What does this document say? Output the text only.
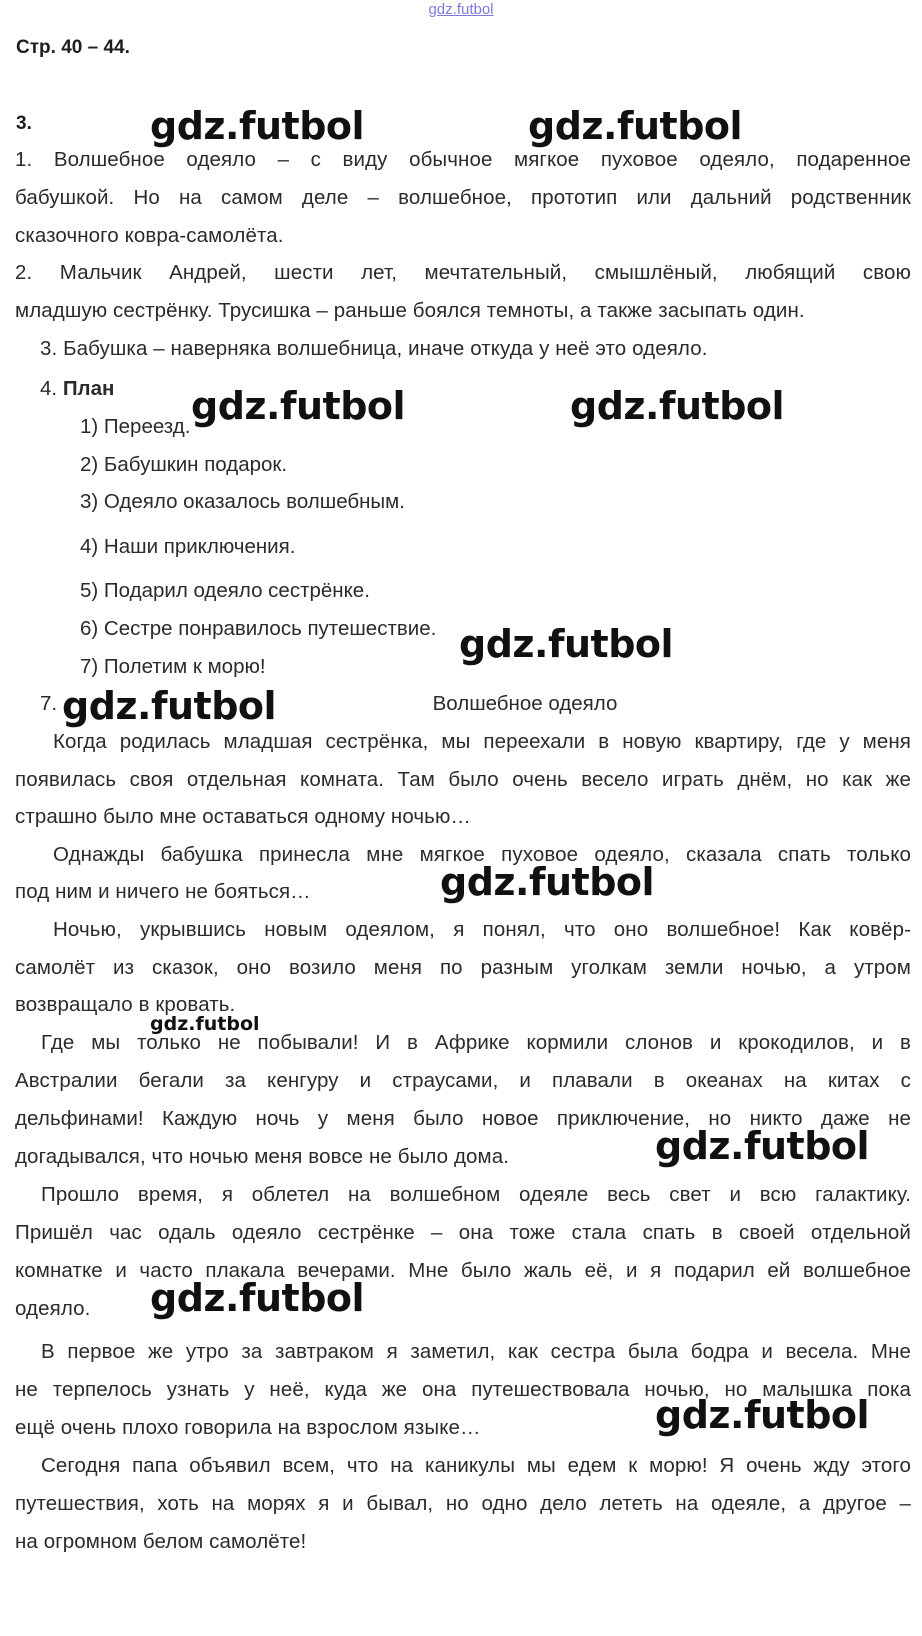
gdz.futbol
Стр. 40 – 44.
3.
1. Волшебное одеяло – с виду обычное мягкое пуховое одеяло, подаренное
бабушкой. Но на самом деле – волшебное, прототип или дальний родственник
сказочного ковра-самолёта.
2. Мальчик Андрей, шести лет, мечтательный, смышлёный, любящий свою
младшую сестрёнку. Трусишка – раньше боялся темноты, а также засыпать один.
3. Бабушка – наверняка волшебница, иначе откуда у неё это одеяло.
4. План
1) Переезд.
2) Бабушкин подарок.
3) Одеяло оказалось волшебным.
4) Наши приключения.
5) Подарил одеяло сестрёнке.
6) Сестре понравилось путешествие.
7) Полетим к морю!
7.	Волшебное одеяло
Когда родилась младшая сестрёнка, мы переехали в новую квартиру, где у меня
появилась своя отдельная комната. Там было очень весело играть днём, но как же
страшно было мне оставаться одному ночью…
Однажды бабушка принесла мне мягкое пуховое одеяло, сказала спать только
под ним и ничего не бояться…
Ночью, укрывшись новым одеялом, я понял, что оно волшебное! Как ковёр-
самолёт из сказок, оно возило меня по разным уголкам земли ночью, а утром
возвращало в кровать.
Где мы только не побывали! И в Африке кормили слонов и крокодилов, и в
Австралии бегали за кенгуру и страусами, и плавали в океанах на китах с
дельфинами! Каждую ночь у меня было новое приключение, но никто даже не
догадывался, что ночью меня вовсе не было дома.
Прошло время, я облетел на волшебном одеяле весь свет и всю галактику.
Пришёл час одаль одеяло сестрёнке – она тоже стала спать в своей отдельной
комнатке и часто плакала вечерами. Мне было жаль её, и я подарил ей волшебное
одеяло.
В первое же утро за завтраком я заметил, как сестра была бодра и весела. Мне
не терпелось узнать у неё, куда же она путешествовала ночью, но малышка пока
ещё очень плохо говорила на взрослом языке…
Сегодня папа объявил всем, что на каникулы мы едем к морю! Я очень жду этого
путешествия, хоть на морях я и бывал, но одно дело лететь на одеяле, а другое –
на огромном белом самолёте!
gdz.futbol	gdz.futbol
gdz.futbol	gdz.futbol
gdz.futbol
gdz.futbol
gdz.futbol
gdz.futbol
gdz.futbol
gdz.futbol
gdz.futbol
